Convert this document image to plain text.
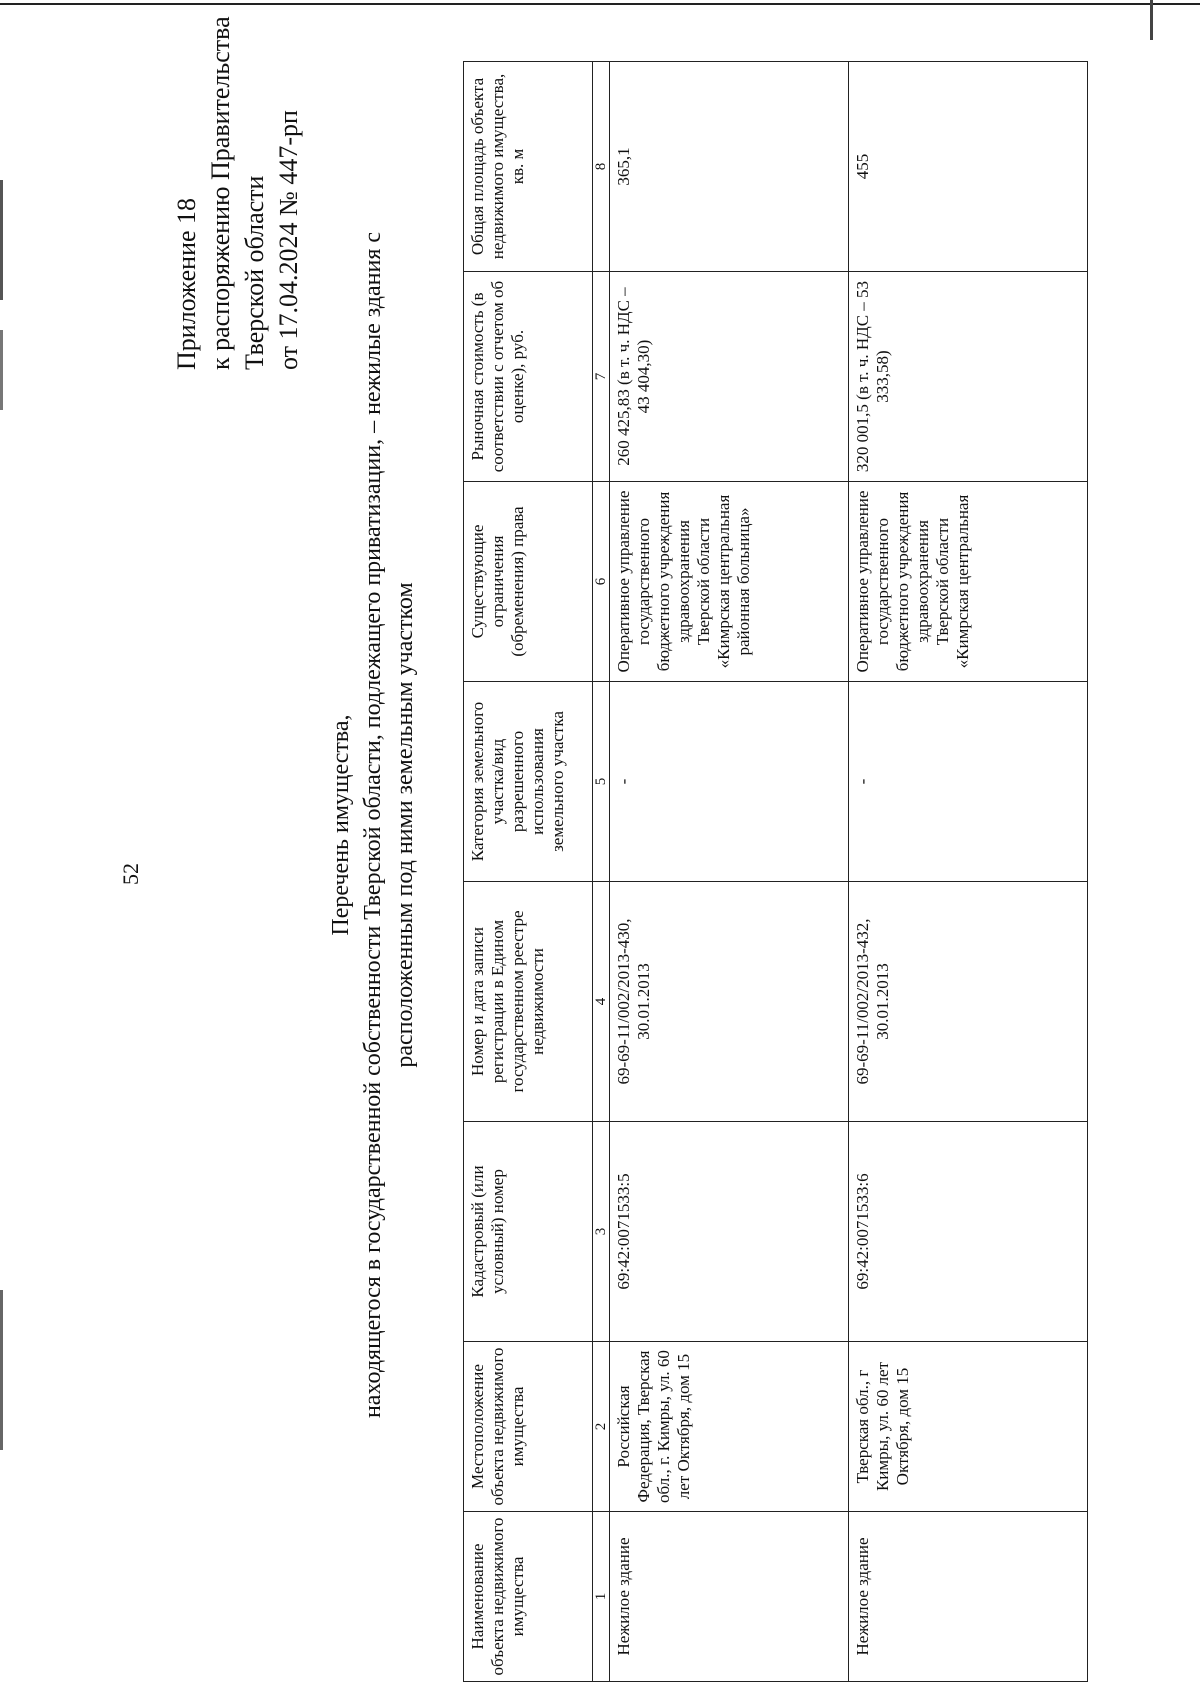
52
Приложение 18 к распоряжению Правительства Тверской области от 17.04.2024 № 447-рп
Перечень имущества, находящегося в государственной собственности Тверской области, подлежащего приватизации, – нежилые здания с расположенным под ними земельным участком
Наименование объекта недвижимого имущества	Местоположение объекта недвижимого имущества	Кадастровый (или условный) номер	Номер и дата записи регистрации в Едином государственном реестре недвижимости	Категория земельного участка/вид разрешенного использования земельного участка	Существующие ограничения (обременения) права	Рыночная стоимость (в соответствии с отчетом об оценке), руб.	Общая площадь объекта недвижимого имущества, кв. м
1	2	3	4	5	6	7	8
Нежилое здание	Российская Федерация, Тверская обл., г. Кимры, ул. 60 лет Октября, дом 15	69:42:0071533:5	69-69-11/002/2013-430, 30.01.2013	-	Оперативное управление государственного бюджетного учреждения здравоохранения Тверской области «Кимрская центральная районная больница»	260 425,83 (в т. ч. НДС – 43 404,30)	365,1
Нежилое здание	Тверская обл., г Кимры, ул. 60 лет Октября, дом 15	69:42:0071533:6	69-69-11/002/2013-432, 30.01.2013	-	Оперативное управление государственного бюджетного учреждения здравоохранения Тверской области «Кимрская центральная	320 001,5 (в т. ч. НДС – 53 333,58)	455
